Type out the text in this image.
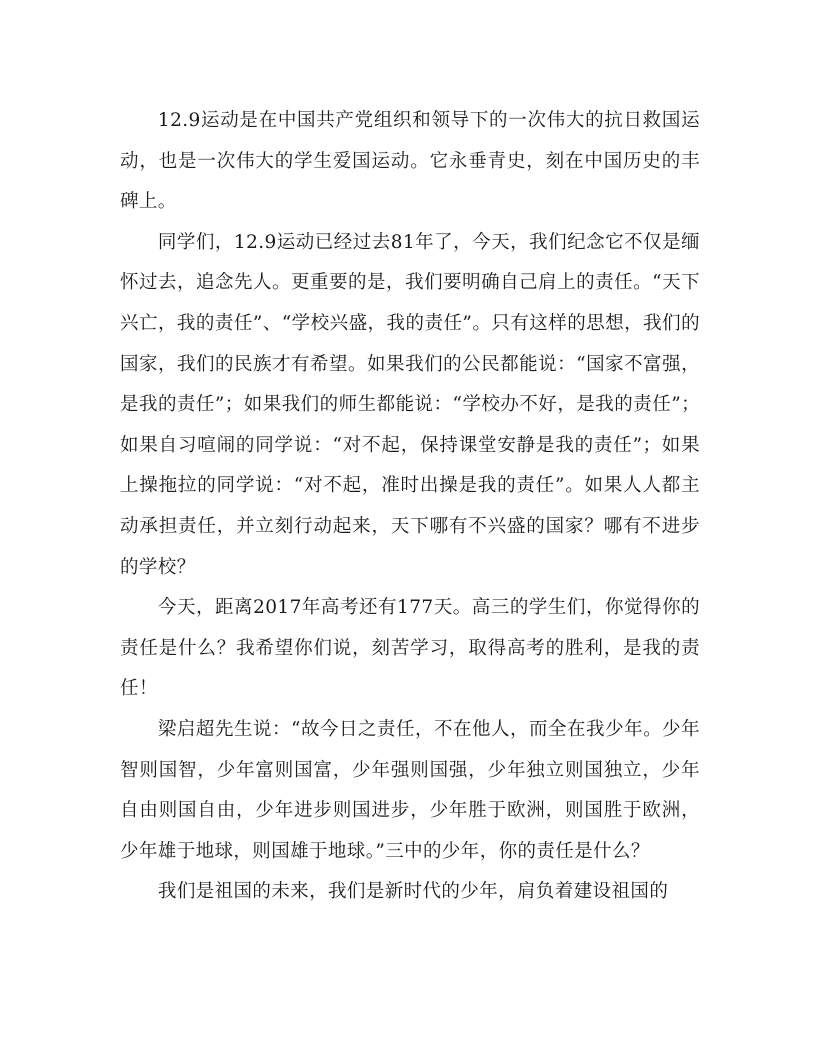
12.9运动是在中国共产党组织和领导下的一次伟大的抗日救国运动，也是一次伟大的学生爱国运动。它永垂青史，刻在中国历史的丰碑上。

同学们，12.9运动已经过去81年了，今天，我们纪念它不仅是缅怀过去，追念先人。更重要的是，我们要明确自己肩上的责任。“天下兴亡，我的责任”、“学校兴盛，我的责任”。只有这样的思想，我们的国家，我们的民族才有希望。如果我们的公民都能说：“国家不富强，是我的责任”；如果我们的师生都能说：“学校办不好，是我的责任”；如果自习喧闹的同学说：“对不起，保持课堂安静是我的责任”；如果上操拖拉的同学说：“对不起，准时出操是我的责任”。如果人人都主动承担责任，并立刻行动起来，天下哪有不兴盛的国家？哪有不进步的学校？

今天，距离2017年高考还有177天。高三的学生们，你觉得你的责任是什么？我希望你们说，刻苦学习，取得高考的胜利，是我的责任！

梁启超先生说：“故今日之责任，不在他人，而全在我少年。少年智则国智，少年富则国富，少年强则国强，少年独立则国独立，少年自由则国自由，少年进步则国进步，少年胜于欧洲，则国胜于欧洲，少年雄于地球，则国雄于地球。”三中的少年，你的责任是什么？

我们是祖国的未来，我们是新时代的少年，肩负着建设祖国的
